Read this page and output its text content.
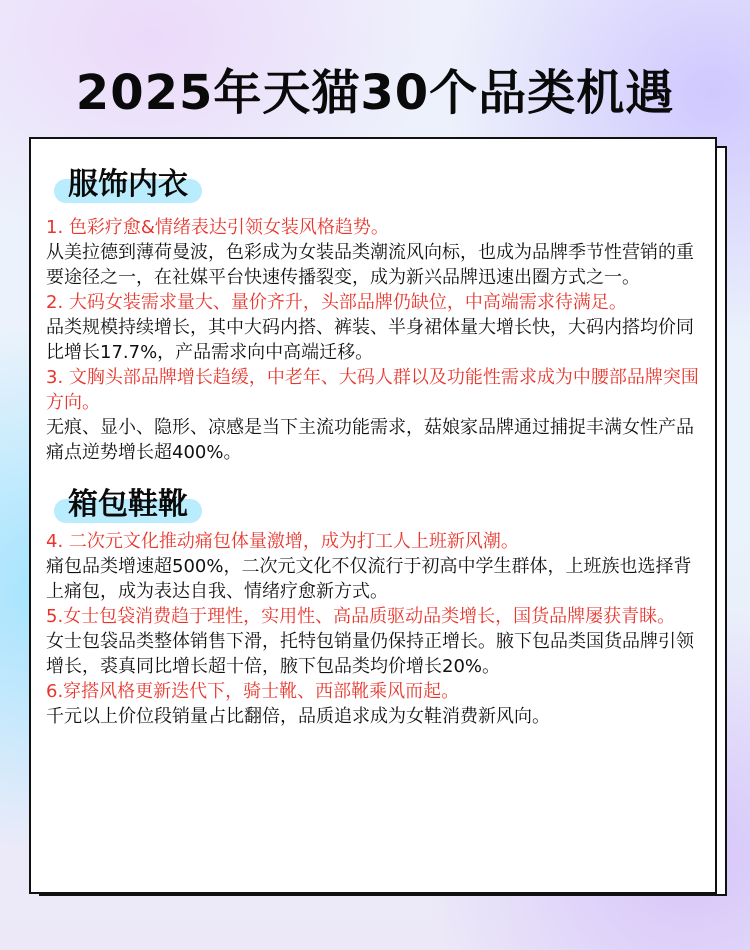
2025年天猫30个品类机遇
服饰内衣

1. 色彩疗愈&情绪表达引领女装风格趋势。

从美拉德到薄荷曼波，色彩成为女装品类潮流风向标，也成为品牌季节性营销的重要途径之一，在社媒平台快速传播裂变，成为新兴品牌迅速出圈方式之一。

2. 大码女装需求量大、量价齐升，头部品牌仍缺位，中高端需求待满足。

品类规模持续增长，其中大码内搭、裤装、半身裙体量大增长快，大码内搭均价同比增长17.7%，产品需求向中高端迁移。

3. 文胸头部品牌增长趋缓，中老年、大码人群以及功能性需求成为中腰部品牌突围方向。

无痕、显小、隐形、凉感是当下主流功能需求，菇娘家品牌通过捕捉丰满女性产品痛点逆势增长超400%。

箱包鞋靴

4. 二次元文化推动痛包体量激增，成为打工人上班新风潮。

痛包品类增速超500%，二次元文化不仅流行于初高中学生群体，上班族也选择背上痛包，成为表达自我、情绪疗愈新方式。

5.女士包袋消费趋于理性，实用性、高品质驱动品类增长，国货品牌屡获青睐。

女士包袋品类整体销售下滑，托特包销量仍保持正增长。腋下包品类国货品牌引领增长，裘真同比增长超十倍，腋下包品类均价增长20%。

6.穿搭风格更新迭代下，骑士靴、西部靴乘风而起。

千元以上价位段销量占比翻倍，品质追求成为女鞋消费新风向。
